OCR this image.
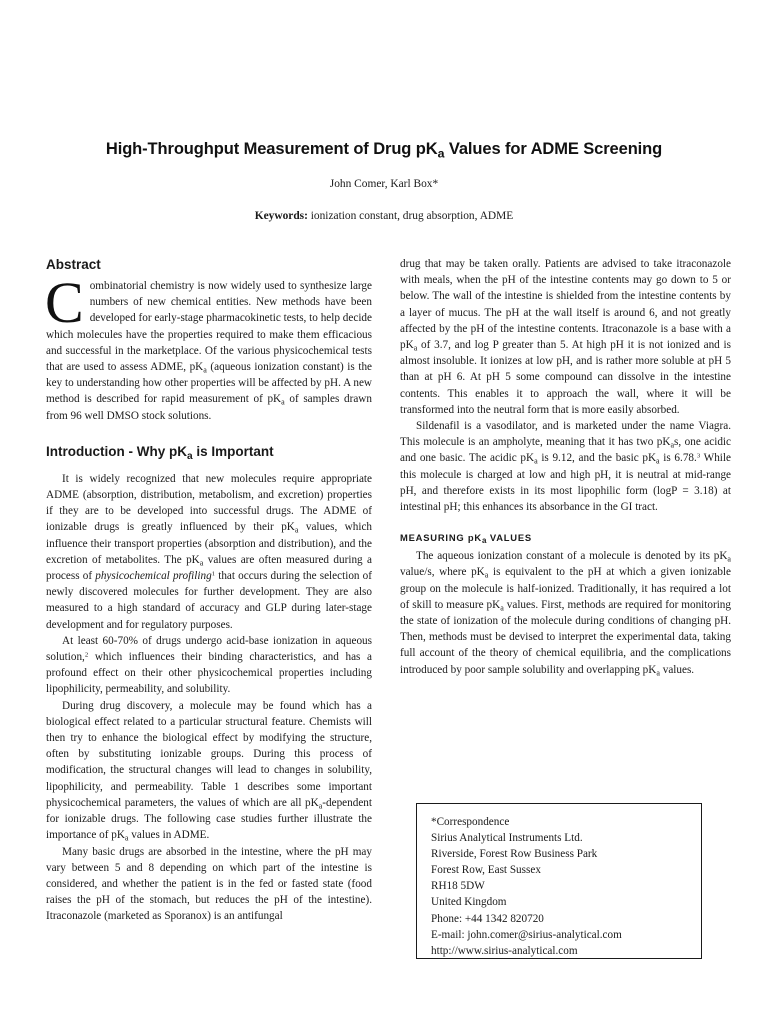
High-Throughput Measurement of Drug $pK_a$ Values for ADME Screening
John Comer, Karl Box*
Keywords: ionization constant, drug absorption, ADME
Abstract

Combinatorial chemistry is now widely used to synthesize large numbers of new chemical entities. New methods have been developed for early-stage pharmacokinetic tests, to help decide which molecules have the properties required to make them efficacious and successful in the marketplace. Of the various physicochemical tests that are used to assess ADME, $pK_a$ (aqueous ionization constant) is the key to understanding how other properties will be affected by pH. A new method is described for rapid measurement of $pK_a$ of samples drawn from 96 well DMSO stock solutions.

Introduction - Why $pK_a$ is Important

It is widely recognized that new molecules require appropriate ADME (absorption, distribution, metabolism, and excretion) properties if they are to be developed into successful drugs. The ADME of ionizable drugs is greatly influenced by their $pK_a$ values, which influence their transport properties (absorption and distribution), and the excretion of metabolites. The $pK_a$ values are often measured during a process of physicochemical profiling$^1$ that occurs during the selection of newly discovered molecules for further development. They are also measured to a high standard of accuracy and GLP during later-stage development and for regulatory purposes.

At least 60-70% of drugs undergo acid-base ionization in aqueous solution,$^2$ which influences their binding characteristics, and has a profound effect on their other physicochemical properties including lipophilicity, permeability, and solubility.

During drug discovery, a molecule may be found which has a biological effect related to a particular structural feature. Chemists will then try to enhance the biological effect by modifying the structure, often by substituting ionizable groups. During this process of modification, the structural changes will lead to changes in solubility, lipophilicity, and permeability. Table 1 describes some important physicochemical parameters, the values of which are all $pK_a$-dependent for ionizable drugs. The following case studies further illustrate the importance of $pK_a$ values in ADME.

Many basic drugs are absorbed in the intestine, where the pH may vary between 5 and 8 depending on which part of the intestine is considered, and whether the patient is in the fed or fasted state (food raises the pH of the stomach, but reduces the pH of the intestine). Itraconazole (marketed as Sporanox) is an antifungal

drug that may be taken orally. Patients are advised to take itraconazole with meals, when the pH of the intestine contents may go down to 5 or below. The wall of the intestine is shielded from the intestine contents by a layer of mucus. The pH at the wall itself is around 6, and not greatly affected by the pH of the intestine contents. Itraconazole is a base with a $pK_a$ of 3.7, and log P greater than 5. At high pH it is not ionized and is almost insoluble. It ionizes at low pH, and is rather more soluble at pH 5 than at pH 6. At pH 5 some compound can dissolve in the intestine contents. This enables it to approach the wall, where it will be transformed into the neutral form that is more easily absorbed.

Sildenafil is a vasodilator, and is marketed under the name Viagra. This molecule is an ampholyte, meaning that it has two $pK_as$, one acidic and one basic. The acidic $pK_a$ is 9.12, and the basic $pK_a$ is 6.78.$^3$ While this molecule is charged at low and high pH, it is neutral at mid-range pH, and therefore exists in its most lipophilic form (logP = 3.18) at intestinal pH; this enhances its absorbance in the GI tract.

MEASURING $pK_a$ VALUES

The aqueous ionization constant of a molecule is denoted by its $pK_a$ value/s, where $pK_a$ is equivalent to the pH at which a given ionizable group on the molecule is half-ionized. Traditionally, it has required a lot of skill to measure $pK_a$ values. First, methods are required for monitoring the state of ionization of the molecule during conditions of changing pH. Then, methods must be devised to interpret the experimental data, taking full account of the theory of chemical equilibria, and the complications introduced by poor sample solubility and overlapping $pK_a$ values.

*Correspondence
Sirius Analytical Instruments Ltd.
Riverside, Forest Row Business Park
Forest Row, East Sussex
RH18 5DW
United Kingdom
Phone: +44 1342 820720
E-mail: john.comer@sirius-analytical.com
http://www.sirius-analytical.com
